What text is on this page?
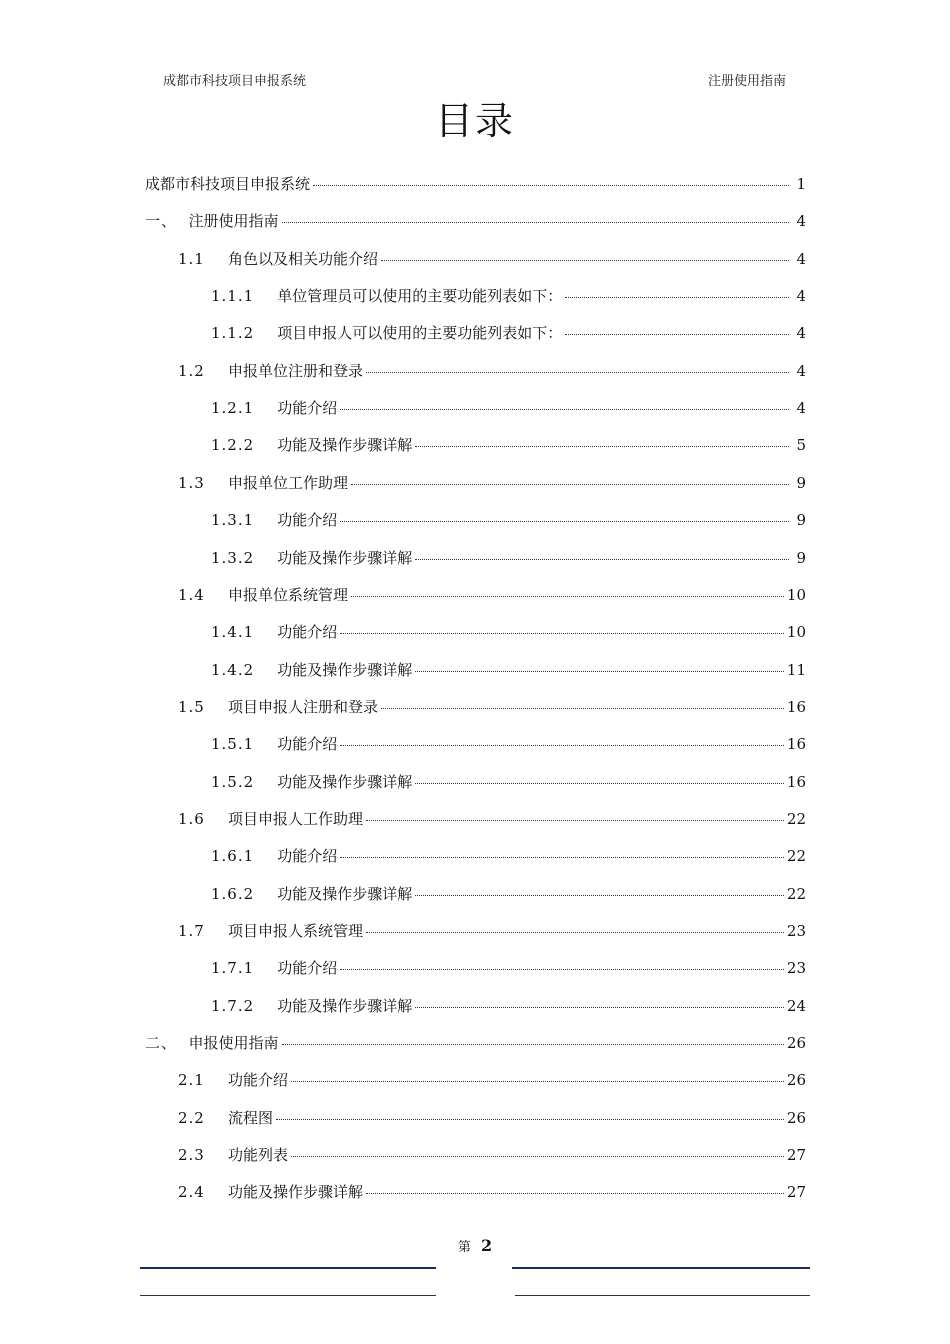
成都市科技项目申报系统	注册使用指南
目录
成都市科技项目申报系统	1
一、 注册使用指南	4
1.1 角色以及相关功能介绍	4
1.1.1 单位管理员可以使用的主要功能列表如下：	4
1.1.2 项目申报人可以使用的主要功能列表如下：	4
1.2 申报单位注册和登录	4
1.2.1 功能介绍	4
1.2.2 功能及操作步骤详解	5
1.3 申报单位工作助理	9
1.3.1 功能介绍	9
1.3.2 功能及操作步骤详解	9
1.4 申报单位系统管理	10
1.4.1 功能介绍	10
1.4.2 功能及操作步骤详解	11
1.5 项目申报人注册和登录	16
1.5.1 功能介绍	16
1.5.2 功能及操作步骤详解	16
1.6 项目申报人工作助理	22
1.6.1 功能介绍	22
1.6.2 功能及操作步骤详解	22
1.7 项目申报人系统管理	23
1.7.1 功能介绍	23
1.7.2 功能及操作步骤详解	24
二、 申报使用指南	26
2.1 功能介绍	26
2.2 流程图	26
2.3 功能列表	27
2.4 功能及操作步骤详解	27
第 2
